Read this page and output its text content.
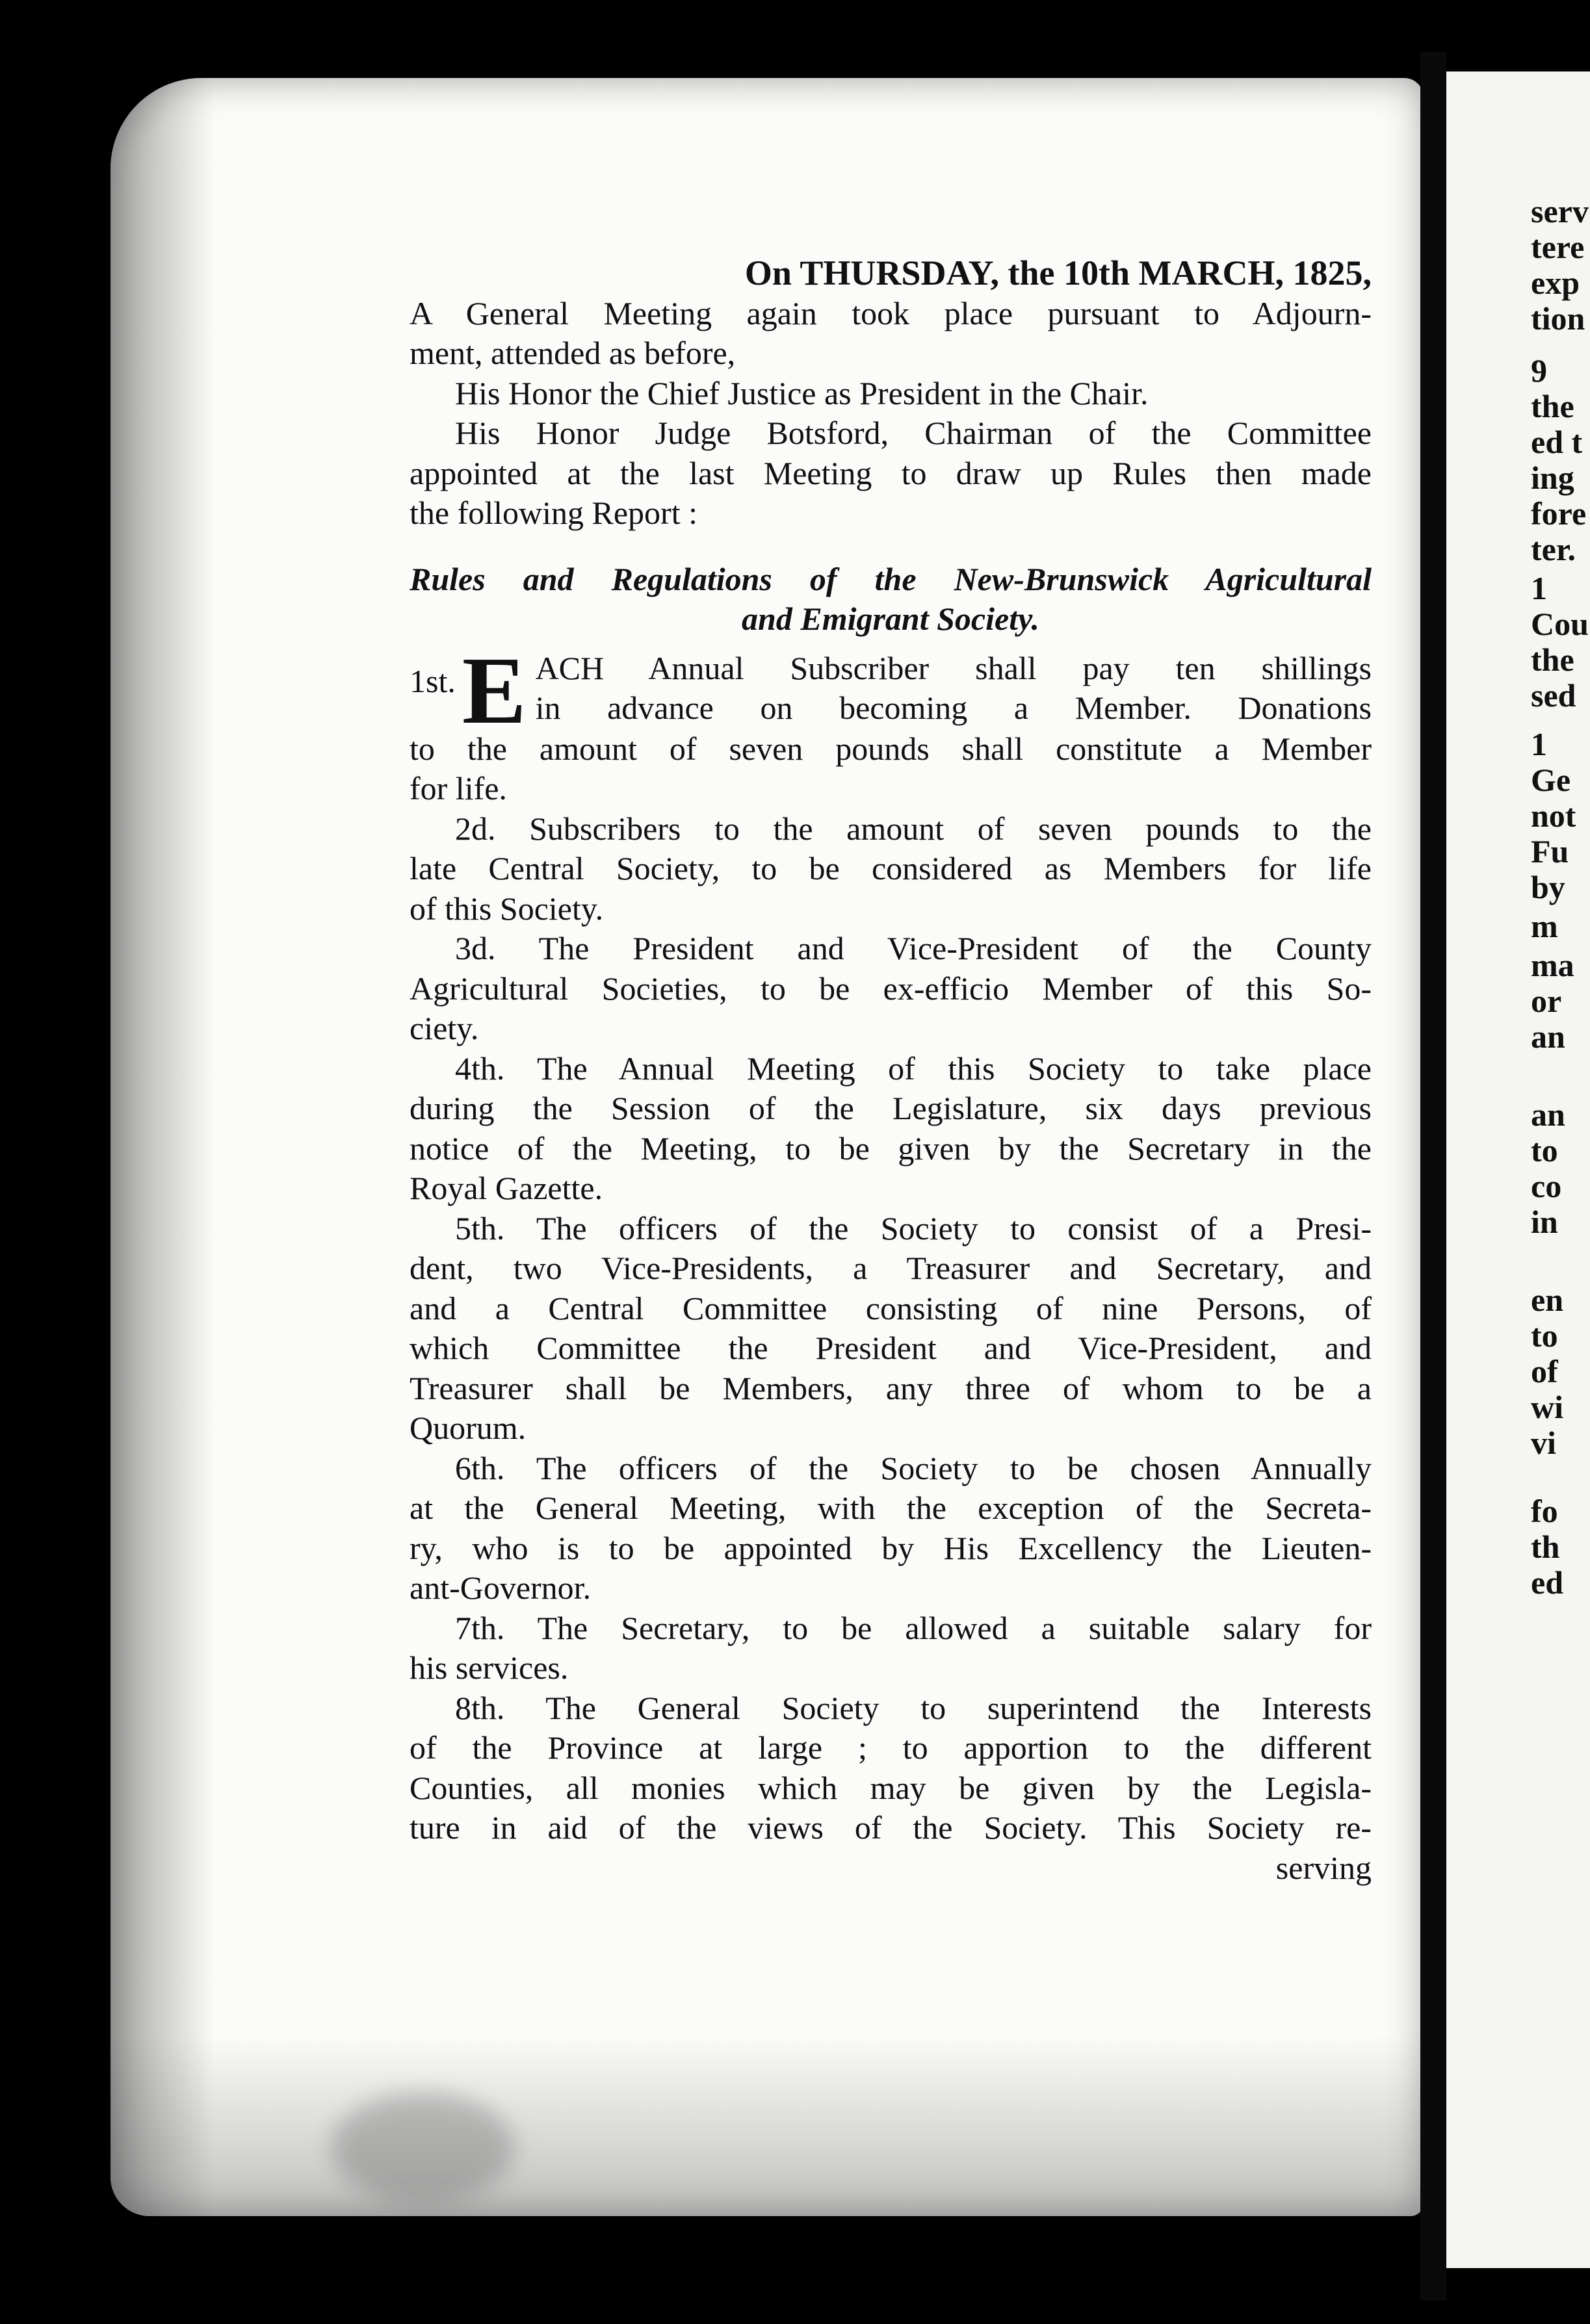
serv
tere
exp
tion
9
the
ed t
ing
fore
ter.
1
Cou
the
sed
1
Ge
not
Fu
by
m
ma
or
an
an
to
co
in
en
to
of
wi
vi
fo
th
ed
On THURSDAY, the 10th MARCH, 1825,
A General Meeting again took place pursuant to Adjourn-
ment, attended as before,
His Honor the Chief Justice as President in the Chair.
His Honor Judge Botsford, Chairman of the Committee
appointed at the last Meeting to draw up Rules then made
the following Report :
Rules and Regulations of the New-Brunswick Agricultural
and Emigrant Society.
1st. E ACH Annual Subscriber shall pay ten shillings
in advance on becoming a Member. Donations
to the amount of seven pounds shall constitute a Member
for life.
2d. Subscribers to the amount of seven pounds to the
late Central Society, to be considered as Members for life
of this Society.
3d. The President and Vice-President of the County
Agricultural Societies, to be ex-efficio Member of this So-
ciety.
4th. The Annual Meeting of this Society to take place
during the Session of the Legislature, six days previous
notice of the Meeting, to be given by the Secretary in the
Royal Gazette.
5th. The officers of the Society to consist of a Presi-
dent, two Vice-Presidents, a Treasurer and Secretary, and
and a Central Committee consisting of nine Persons, of
which Committee the President and Vice-President, and
Treasurer shall be Members, any three of whom to be a
Quorum.
6th. The officers of the Society to be chosen Annually
at the General Meeting, with the exception of the Secreta-
ry, who is to be appointed by His Excellency the Lieuten-
ant-Governor.
7th. The Secretary, to be allowed a suitable salary for
his services.
8th. The General Society to superintend the Interests
of the Province at large ; to apportion to the different
Counties, all monies which may be given by the Legisla-
ture in aid of the views of the Society. This Society re-
serving
